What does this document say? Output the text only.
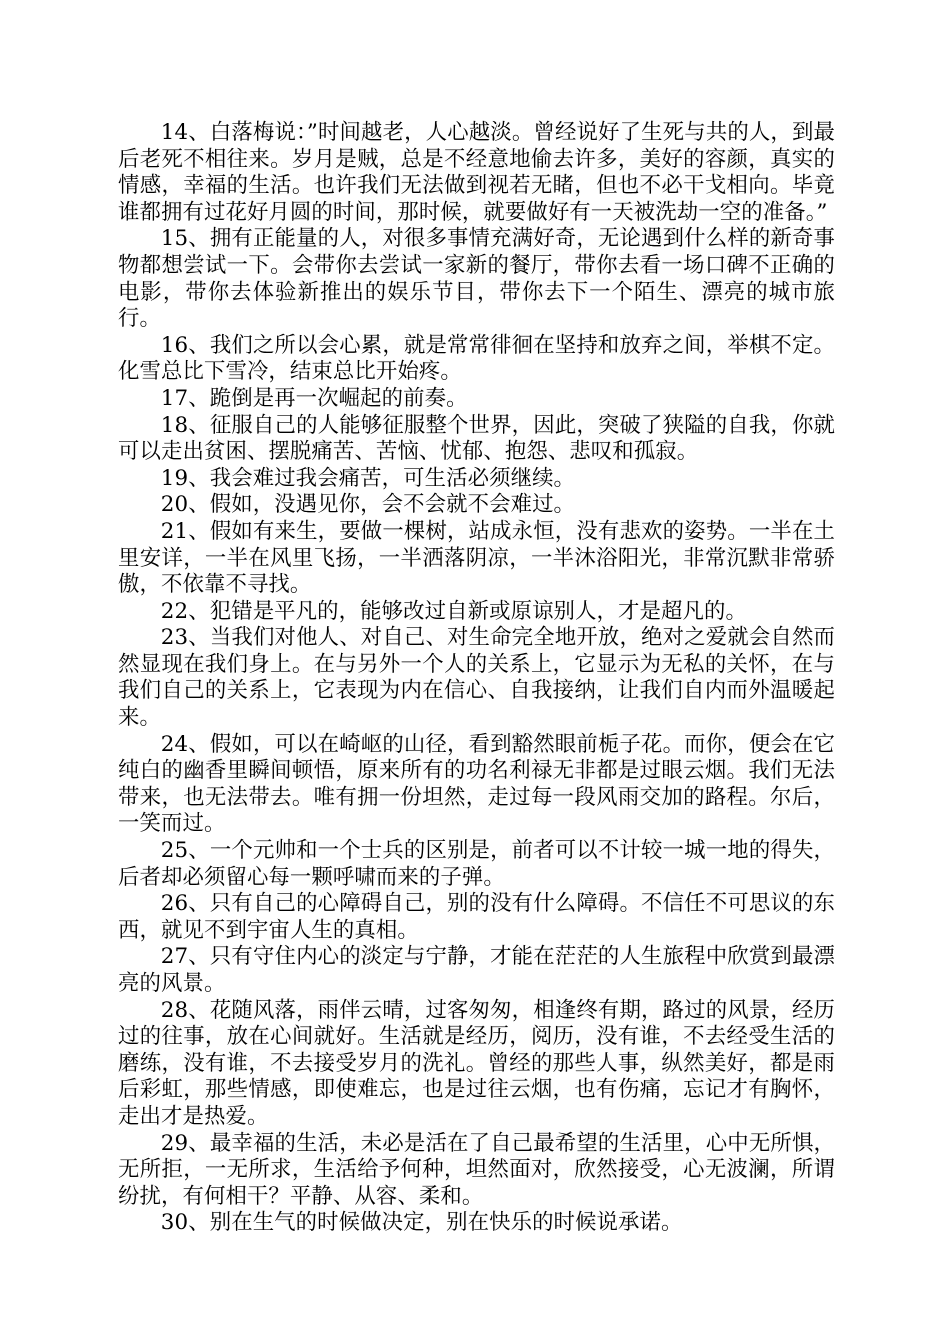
14、白落梅说：”时间越老，人心越淡。曾经说好了生死与共的人，到最后老死不相往来。岁月是贼，总是不经意地偷去许多，美好的容颜，真实的情感，幸福的生活。也许我们无法做到视若无睹，但也不必干戈相向。毕竟谁都拥有过花好月圆的时间，那时候，就要做好有一天被洗劫一空的准备。”

15、拥有正能量的人，对很多事情充满好奇，无论遇到什么样的新奇事物都想尝试一下。会带你去尝试一家新的餐厅，带你去看一场口碑不正确的电影，带你去体验新推出的娱乐节目，带你去下一个陌生、漂亮的城市旅行。

16、我们之所以会心累，就是常常徘徊在坚持和放弃之间，举棋不定。化雪总比下雪冷，结束总比开始疼。

17、跪倒是再一次崛起的前奏。

18、征服自己的人能够征服整个世界，因此，突破了狭隘的自我，你就可以走出贫困、摆脱痛苦、苦恼、忧郁、抱怨、悲叹和孤寂。

19、我会难过我会痛苦，可生活必须继续。

20、假如，没遇见你，会不会就不会难过。

21、假如有来生，要做一棵树，站成永恒，没有悲欢的姿势。一半在土里安详，一半在风里飞扬，一半洒落阴凉，一半沐浴阳光，非常沉默非常骄傲，不依靠不寻找。

22、犯错是平凡的，能够改过自新或原谅别人，才是超凡的。

23、当我们对他人、对自己、对生命完全地开放，绝对之爱就会自然而然显现在我们身上。在与另外一个人的关系上，它显示为无私的关怀，在与我们自己的关系上，它表现为内在信心、自我接纳，让我们自内而外温暖起来。

24、假如，可以在崎岖的山径，看到豁然眼前栀子花。而你，便会在它纯白的幽香里瞬间顿悟，原来所有的功名利禄无非都是过眼云烟。我们无法带来，也无法带去。唯有拥一份坦然，走过每一段风雨交加的路程。尔后，一笑而过。

25、一个元帅和一个士兵的区别是，前者可以不计较一城一地的得失，后者却必须留心每一颗呼啸而来的子弹。

26、只有自己的心障碍自己，别的没有什么障碍。不信任不可思议的东西，就见不到宇宙人生的真相。

27、只有守住内心的淡定与宁静，才能在茫茫的人生旅程中欣赏到最漂亮的风景。

28、花随风落，雨伴云晴，过客匆匆，相逢终有期，路过的风景，经历过的往事，放在心间就好。生活就是经历，阅历，没有谁，不去经受生活的磨练，没有谁，不去接受岁月的洗礼。曾经的那些人事，纵然美好，都是雨后彩虹，那些情感，即使难忘，也是过往云烟，也有伤痛，忘记才有胸怀，走出才是热爱。

29、最幸福的生活，未必是活在了自己最希望的生活里，心中无所惧，无所拒，一无所求，生活给予何种，坦然面对，欣然接受，心无波澜，所谓纷扰，有何相干？平静、从容、柔和。

30、别在生气的时候做决定，别在快乐的时候说承诺。
